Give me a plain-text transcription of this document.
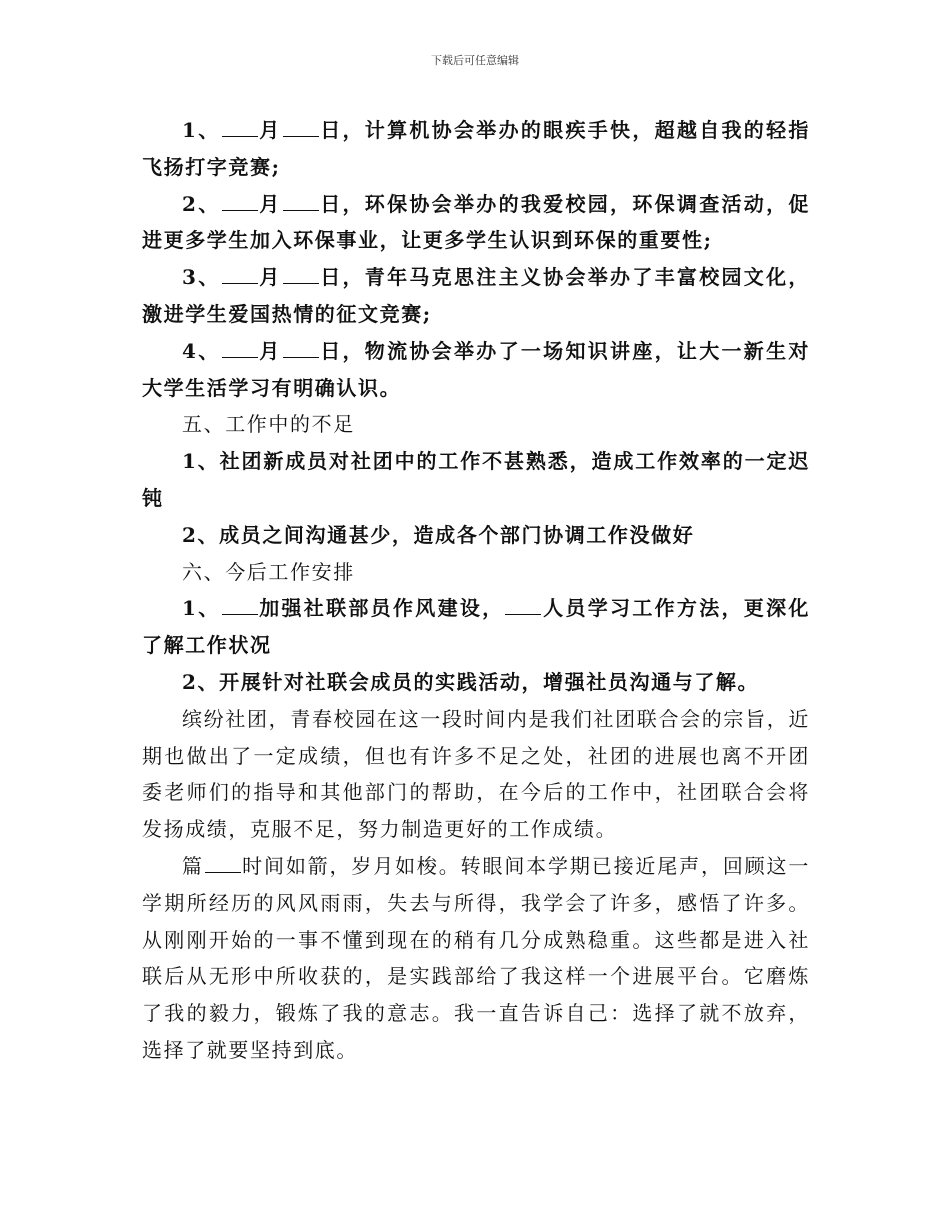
下载后可任意编辑

1、 月 日，计算机协会举办的眼疾手快，超越自我的轻指飞扬打字竞赛;

2、 月 日，环保协会举办的我爱校园，环保调查活动，促进更多学生加入环保事业，让更多学生认识到环保的重要性;

3、 月 日，青年马克思注主义协会举办了丰富校园文化，激进学生爱国热情的征文竞赛;

4、 月 日，物流协会举办了一场知识讲座，让大一新生对大学生活学习有明确认识。

五、工作中的不足

1、社团新成员对社团中的工作不甚熟悉，造成工作效率的一定迟钝

2、成员之间沟通甚少，造成各个部门协调工作没做好

六、今后工作安排

1、 加强社联部员作风建设， 人员学习工作方法，更深化了解工作状况

2、开展针对社联会成员的实践活动，增强社员沟通与了解。

缤纷社团，青春校园在这一段时间内是我们社团联合会的宗旨，近期也做出了一定成绩，但也有许多不足之处，社团的进展也离不开团委老师们的指导和其他部门的帮助，在今后的工作中，社团联合会将发扬成绩，克服不足，努力制造更好的工作成绩。

篇 时间如箭，岁月如梭。转眼间本学期已接近尾声，回顾这一学期所经历的风风雨雨，失去与所得，我学会了许多，感悟了许多。从刚刚开始的一事不懂到现在的稍有几分成熟稳重。这些都是进入社联后从无形中所收获的，是实践部给了我这样一个进展平台。它磨炼了我的毅力，锻炼了我的意志。我一直告诉自己：选择了就不放弃，选择了就要坚持到底。
